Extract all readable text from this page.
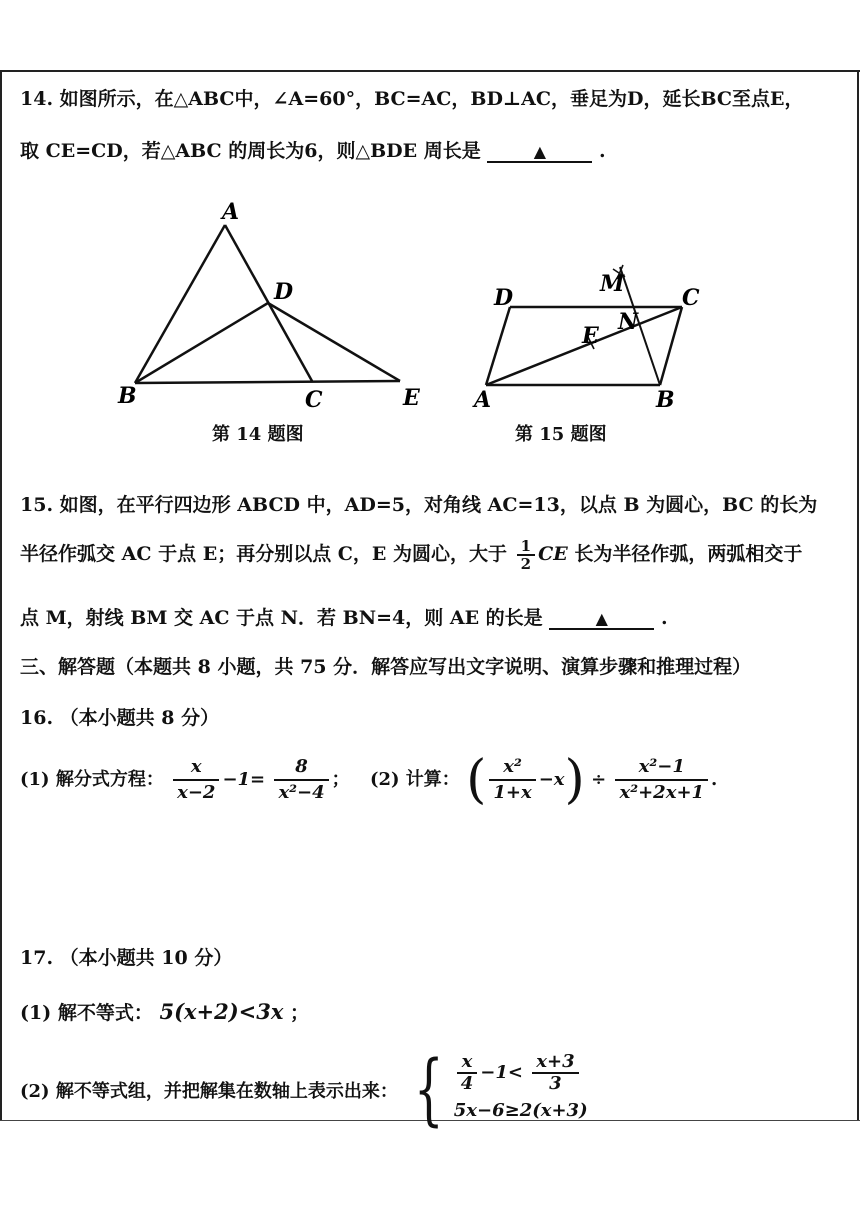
14. 如图所示，在△ABC中，∠A=60°，BC=AC，BD⊥AC，垂足为D，延长BC至点E，
取 CE=CD，若△ABC 的周长为6，则△BDE 周长是	▲	.
A
B	C
D
E
第 14 题图
M
N
E
D	C
A	B
第 15 题图
15. 如图，在平行四边形 ABCD 中，AD=5，对角线 AC=13，以点 B 为圆心，BC 的长为
半径作弧交 AC 于点 E；再分别以点 C，E 为圆心，大于 $\frac{1}{2}$ CE 长为半径作弧，两弧相交于
点 M，射线 BM 交 AC 于点 N．若 BN=4，则 AE 的长是	▲	.
三、解答题（本题共 8 小题，共 75 分．解答应写出文字说明、演算步骤和推理过程）
16. （本小题共 8 分）
(1) 解分式方程： $\frac{x}{x-2} -1= \frac{8}{\text{x²−4}}$ ； (2) 计算： ( $\frac{\text{x²}}{1+x} -x) \div \frac{\text{x²−1}}{\text{x²+2x+1}}$ .
17. （本小题共 10 分）
(1) 解不等式： 5(x+2)<3x ；
(2) 解不等式组，并把解集在数轴上表示出来： { $\frac{x}{4} -1< \frac{x+3}{3}$
5x−6≥2(x+3)
